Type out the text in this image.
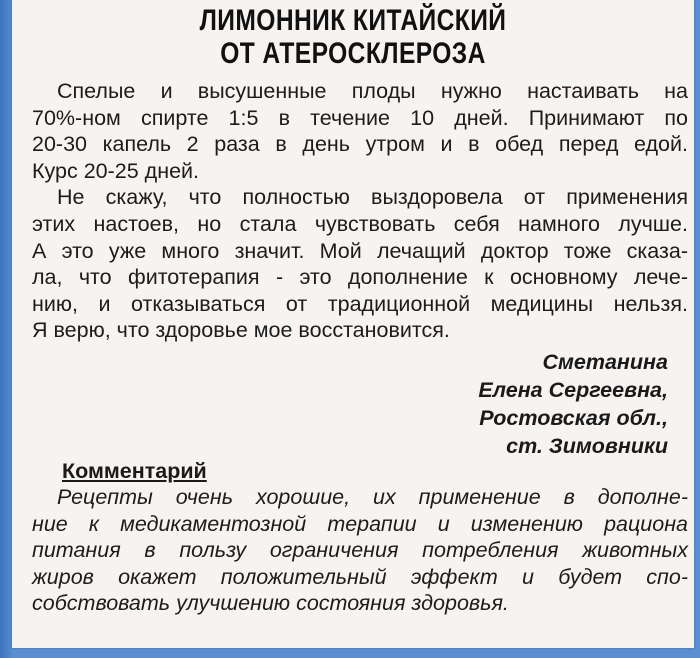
ЛИМОННИК КИТАЙСКИЙ
ОТ АТЕРОСКЛЕРОЗА
Спелые и высушенные плоды нужно настаивать на
70%-ном спирте 1:5 в течение 10 дней. Принимают по
20-30 капель 2 раза в день утром и в обед перед едой.
Курс 20-25 дней.
Не скажу, что полностью выздоровела от применения
этих настоев, но стала чувствовать себя намного лучше.
А это уже много значит. Мой лечащий доктор тоже сказа-
ла, что фитотерапия - это дополнение к основному лече-
нию, и отказываться от традиционной медицины нельзя.
Я верю, что здоровье мое восстановится.
Сметанина
Елена Сергеевна,
Ростовская обл.,
ст. Зимовники
Комментарий
Рецепты очень хорошие, их применение в дополне-
ние к медикаментозной терапии и изменению рациона
питания в пользу ограничения потребления животных
жиров окажет положительный эффект и будет спо-
собствовать улучшению состояния здоровья.
